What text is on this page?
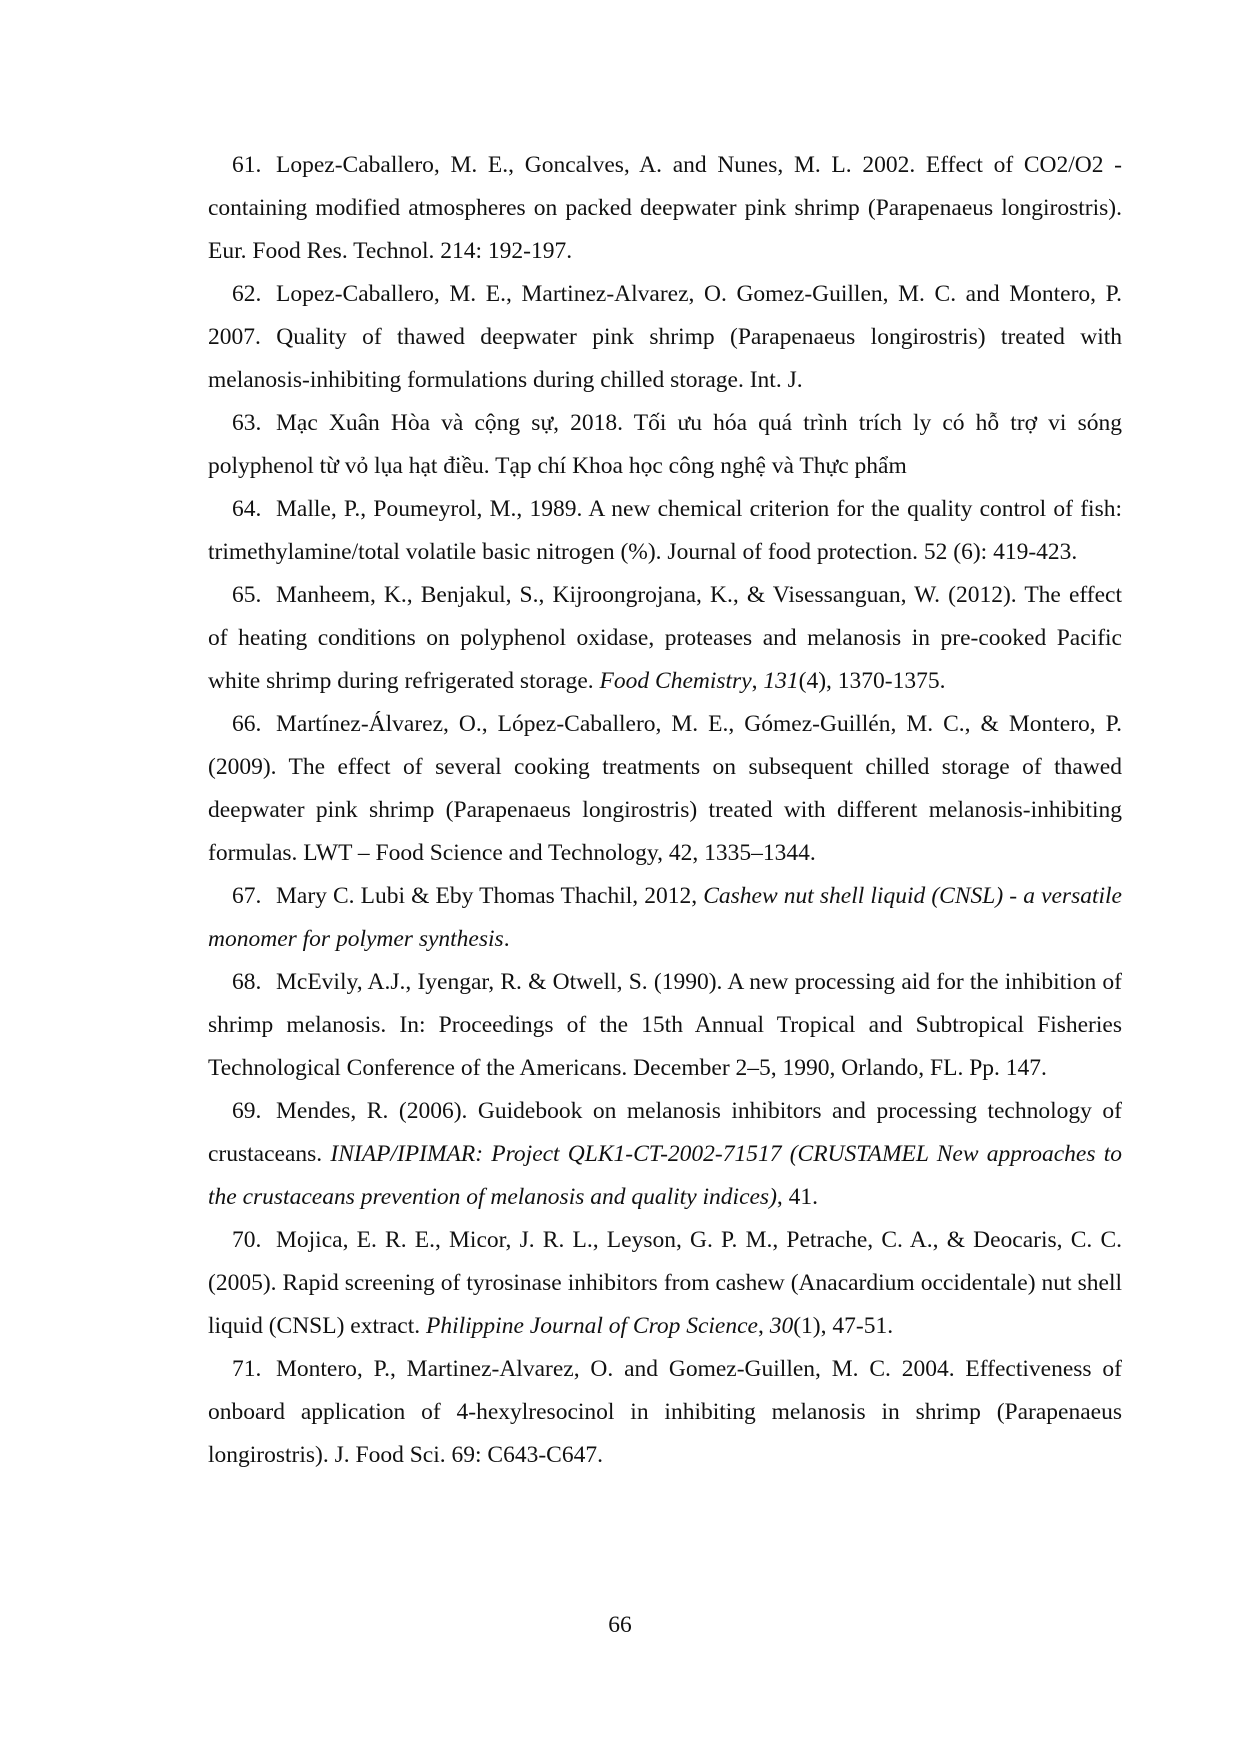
61. Lopez-Caballero, M. E., Goncalves, A. and Nunes, M. L. 2002. Effect of CO2/O2 - containing modified atmospheres on packed deepwater pink shrimp (Parapenaeus longirostris). Eur. Food Res. Technol. 214: 192-197.

62. Lopez-Caballero, M. E., Martinez-Alvarez, O. Gomez-Guillen, M. C. and Montero, P. 2007. Quality of thawed deepwater pink shrimp (Parapenaeus longirostris) treated with melanosis-inhibiting formulations during chilled storage. Int. J.

63. Mạc Xuân Hòa và cộng sự, 2018. Tối ưu hóa quá trình trích ly có hỗ trợ vi sóng polyphenol từ vỏ lụa hạt điều. Tạp chí Khoa học công nghệ và Thực phẩm

64. Malle, P., Poumeyrol, M., 1989. A new chemical criterion for the quality control of fish: trimethylamine/total volatile basic nitrogen (%). Journal of food protection. 52 (6): 419-423.

65. Manheem, K., Benjakul, S., Kijroongrojana, K., & Visessanguan, W. (2012). The effect of heating conditions on polyphenol oxidase, proteases and melanosis in pre-cooked Pacific white shrimp during refrigerated storage. Food Chemistry, 131(4), 1370-1375.

66. Martínez-Álvarez, O., López-Caballero, M. E., Gómez-Guillén, M. C., & Montero, P. (2009). The effect of several cooking treatments on subsequent chilled storage of thawed deepwater pink shrimp (Parapenaeus longirostris) treated with different melanosis-inhibiting formulas. LWT – Food Science and Technology, 42, 1335–1344.

67. Mary C. Lubi & Eby Thomas Thachil, 2012, Cashew nut shell liquid (CNSL) - a versatile monomer for polymer synthesis.

68. McEvily, A.J., Iyengar, R. & Otwell, S. (1990). A new processing aid for the inhibition of shrimp melanosis. In: Proceedings of the 15th Annual Tropical and Subtropical Fisheries Technological Conference of the Americans. December 2–5, 1990, Orlando, FL. Pp. 147.

69. Mendes, R. (2006). Guidebook on melanosis inhibitors and processing technology of crustaceans. INIAP/IPIMAR: Project QLK1-CT-2002-71517 (CRUSTAMEL New approaches to the crustaceans prevention of melanosis and quality indices), 41.

70. Mojica, E. R. E., Micor, J. R. L., Leyson, G. P. M., Petrache, C. A., & Deocaris, C. C. (2005). Rapid screening of tyrosinase inhibitors from cashew (Anacardium occidentale) nut shell liquid (CNSL) extract. Philippine Journal of Crop Science, 30(1), 47-51.

71. Montero, P., Martinez-Alvarez, O. and Gomez-Guillen, M. C. 2004. Effectiveness of onboard application of 4-hexylresocinol in inhibiting melanosis in shrimp (Parapenaeus longirostris). J. Food Sci. 69: C643-C647.

66
